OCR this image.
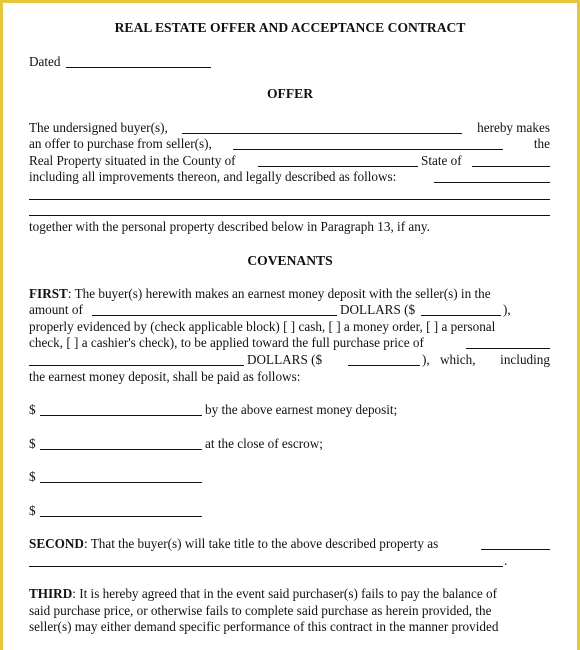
REAL ESTATE OFFER AND ACCEPTANCE CONTRACT
Dated
OFFER
The undersigned buyer(s),	hereby makes
an offer to purchase from seller(s),	the
Real Property situated in the County of	State of
including all improvements thereon, and legally described as follows:
together with the personal property described below in Paragraph 13, if any.
COVENANTS
FIRST: The buyer(s) herewith makes an earnest money deposit with the seller(s) in the
amount of	DOLLARS ($	),
properly evidenced by (check applicable block) [ ] cash, [ ] a money order, [ ] a personal
check, [ ] a cashier's check), to be applied toward the full purchase price of
DOLLARS ($	), which,	including
the earnest money deposit, shall be paid as follows:
$	by the above earnest money deposit;
$	at the close of escrow;
$
$
SECOND: That the buyer(s) will take title to the above described property as
.
THIRD: It is hereby agreed that in the event said purchaser(s) fails to pay the balance of
said purchase price, or otherwise fails to complete said purchase as herein provided, the
seller(s) may either demand specific performance of this contract in the manner provided
